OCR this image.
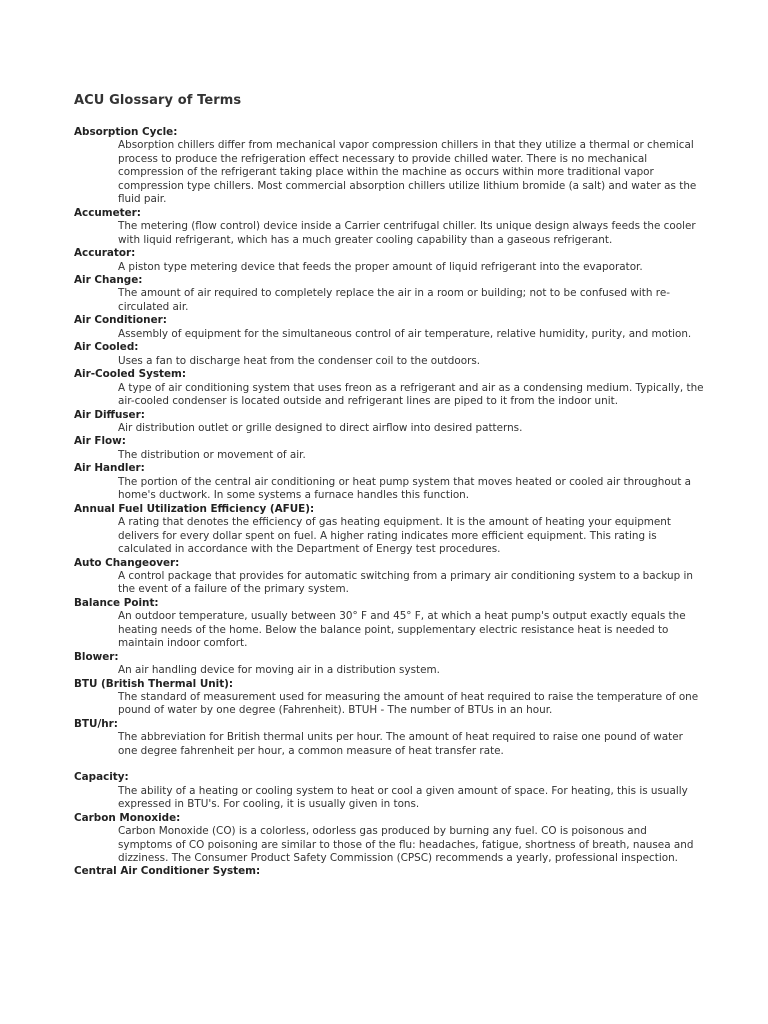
ACU Glossary of Terms
Absorption Cycle:
Absorption chillers differ from mechanical vapor compression chillers in that they utilize a thermal or chemical process to produce the refrigeration effect necessary to provide chilled water. There is no mechanical compression of the refrigerant taking place within the machine as occurs within more traditional vapor compression type chillers. Most commercial absorption chillers utilize lithium bromide (a salt) and water as the fluid pair.
Accumeter:
The metering (flow control) device inside a Carrier centrifugal chiller. Its unique design always feeds the cooler with liquid refrigerant, which has a much greater cooling capability than a gaseous refrigerant.
Accurator:
A piston type metering device that feeds the proper amount of liquid refrigerant into the evaporator.
Air Change:
The amount of air required to completely replace the air in a room or building; not to be confused with re-circulated air.
Air Conditioner:
Assembly of equipment for the simultaneous control of air temperature, relative humidity, purity, and motion.
Air Cooled:
Uses a fan to discharge heat from the condenser coil to the outdoors.
Air-Cooled System:
A type of air conditioning system that uses freon as a refrigerant and air as a condensing medium. Typically, the air-cooled condenser is located outside and refrigerant lines are piped to it from the indoor unit.
Air Diffuser:
Air distribution outlet or grille designed to direct airflow into desired patterns.
Air Flow:
The distribution or movement of air.
Air Handler:
The portion of the central air conditioning or heat pump system that moves heated or cooled air throughout a home's ductwork. In some systems a furnace handles this function.
Annual Fuel Utilization Efficiency (AFUE):
A rating that denotes the efficiency of gas heating equipment. It is the amount of heating your equipment delivers for every dollar spent on fuel. A higher rating indicates more efficient equipment. This rating is calculated in accordance with the Department of Energy test procedures.
Auto Changeover:
A control package that provides for automatic switching from a primary air conditioning system to a backup in the event of a failure of the primary system.
Balance Point:
An outdoor temperature, usually between 30° F and 45° F, at which a heat pump's output exactly equals the heating needs of the home. Below the balance point, supplementary electric resistance heat is needed to maintain indoor comfort.
Blower:
An air handling device for moving air in a distribution system.
BTU (British Thermal Unit):
The standard of measurement used for measuring the amount of heat required to raise the temperature of one pound of water by one degree (Fahrenheit). BTUH - The number of BTUs in an hour.
BTU/hr:
The abbreviation for British thermal units per hour. The amount of heat required to raise one pound of water one degree fahrenheit per hour, a common measure of heat transfer rate.
Capacity:
The ability of a heating or cooling system to heat or cool a given amount of space. For heating, this is usually expressed in BTU's. For cooling, it is usually given in tons.
Carbon Monoxide:
Carbon Monoxide (CO) is a colorless, odorless gas produced by burning any fuel. CO is poisonous and symptoms of CO poisoning are similar to those of the flu: headaches, fatigue, shortness of breath, nausea and dizziness. The Consumer Product Safety Commission (CPSC) recommends a yearly, professional inspection.
Central Air Conditioner System:
